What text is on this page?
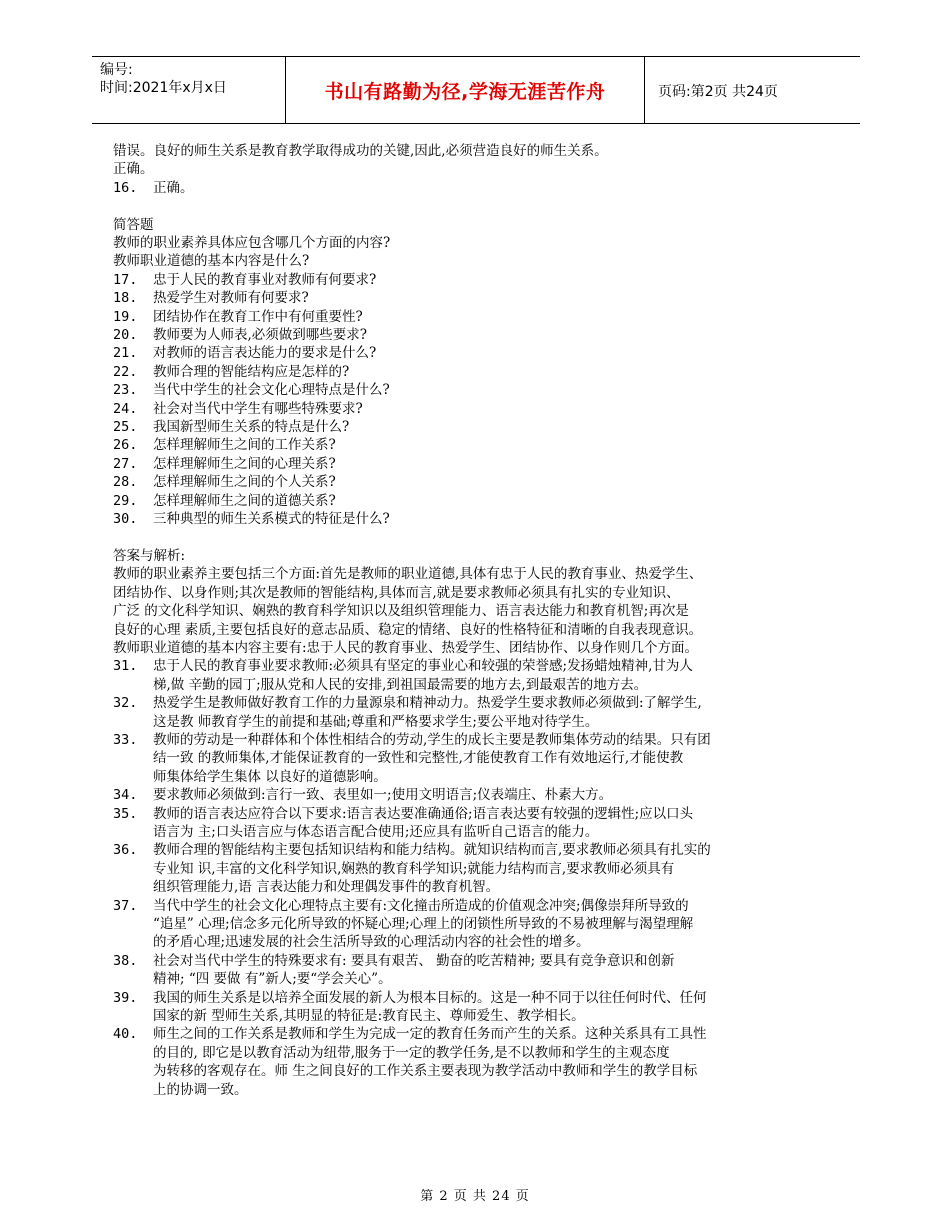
编号:
时间:2021年x月x日	书山有路勤为径,学海无涯苦作舟	页码:第2页 共24页
错误。良好的师生关系是教育教学取得成功的关键,因此,必须营造良好的师生关系。
正确。
16. 正确。
简答题
教师的职业素养具体应包含哪几个方面的内容?
教师职业道德的基本内容是什么?
17. 忠于人民的教育事业对教师有何要求?
18. 热爱学生对教师有何要求?
19. 团结协作在教育工作中有何重要性?
20. 教师要为人师表,必须做到哪些要求?
21. 对教师的语言表达能力的要求是什么?
22. 教师合理的智能结构应是怎样的?
23. 当代中学生的社会文化心理特点是什么?
24. 社会对当代中学生有哪些特殊要求?
25. 我国新型师生关系的特点是什么?
26. 怎样理解师生之间的工作关系?
27. 怎样理解师生之间的心理关系?
28. 怎样理解师生之间的个人关系?
29. 怎样理解师生之间的道德关系?
30. 三种典型的师生关系模式的特征是什么?
答案与解析:
教师的职业素养主要包括三个方面:首先是教师的职业道德,具体有忠于人民的教育事业、热爱学生、
团结协作、以身作则;其次是教师的智能结构,具体而言,就是要求教师必须具有扎实的专业知识、
广泛 的文化科学知识、娴熟的教育科学知识以及组织管理能力、语言表达能力和教育机智;再次是
良好的心理 素质,主要包括良好的意志品质、稳定的情绪、良好的性格特征和清晰的自我表现意识。
教师职业道德的基本内容主要有:忠于人民的教育事业、热爱学生、团结协作、以身作则几个方面。
31. 忠于人民的教育事业要求教师:必须具有坚定的事业心和较强的荣誉感;发扬蜡烛精神,甘为人
梯,做 辛勤的园丁;服从党和人民的安排,到祖国最需要的地方去,到最艰苦的地方去。
32. 热爱学生是教师做好教育工作的力量源泉和精神动力。热爱学生要求教师必须做到:了解学生,
这是教 师教育学生的前提和基础;尊重和严格要求学生;要公平地对待学生。
33. 教师的劳动是一种群体和个体性相结合的劳动,学生的成长主要是教师集体劳动的结果。只有团
结一致 的教师集体,才能保证教育的一致性和完整性,才能使教育工作有效地运行,才能使教
师集体给学生集体 以良好的道德影响。
34. 要求教师必须做到:言行一致、表里如一;使用文明语言;仪表端庄、朴素大方。
35. 教师的语言表达应符合以下要求:语言表达要准确通俗;语言表达要有较强的逻辑性;应以口头
语言为 主;口头语言应与体态语言配合使用;还应具有监听自己语言的能力。
36. 教师合理的智能结构主要包括知识结构和能力结构。就知识结构而言,要求教师必须具有扎实的
专业知 识,丰富的文化科学知识,娴熟的教育科学知识;就能力结构而言,要求教师必须具有
组织管理能力,语 言表达能力和处理偶发事件的教育机智。
37. 当代中学生的社会文化心理特点主要有:文化撞击所造成的价值观念冲突;偶像崇拜所导致的
“追星” 心理;信念多元化所导致的怀疑心理;心理上的闭锁性所导致的不易被理解与渴望理解
的矛盾心理;迅速发展的社会生活所导致的心理活动内容的社会性的增多。
38. 社会对当代中学生的特殊要求有: 要具有艰苦、 勤奋的吃苦精神; 要具有竞争意识和创新
精神; “四 要做 有”新人;要“学会关心”。
39. 我国的师生关系是以培养全面发展的新人为根本目标的。这是一种不同于以往任何时代、任何
国家的新 型师生关系,其明显的特征是:教育民主、尊师爱生、教学相长。
40. 师生之间的工作关系是教师和学生为完成一定的教育任务而产生的关系。这种关系具有工具性
的目的, 即它是以教育活动为纽带,服务于一定的教学任务,是不以教师和学生的主观态度
为转移的客观存在。师 生之间良好的工作关系主要表现为教学活动中教师和学生的教学目标
上的协调一致。
第 2 页 共 24 页
